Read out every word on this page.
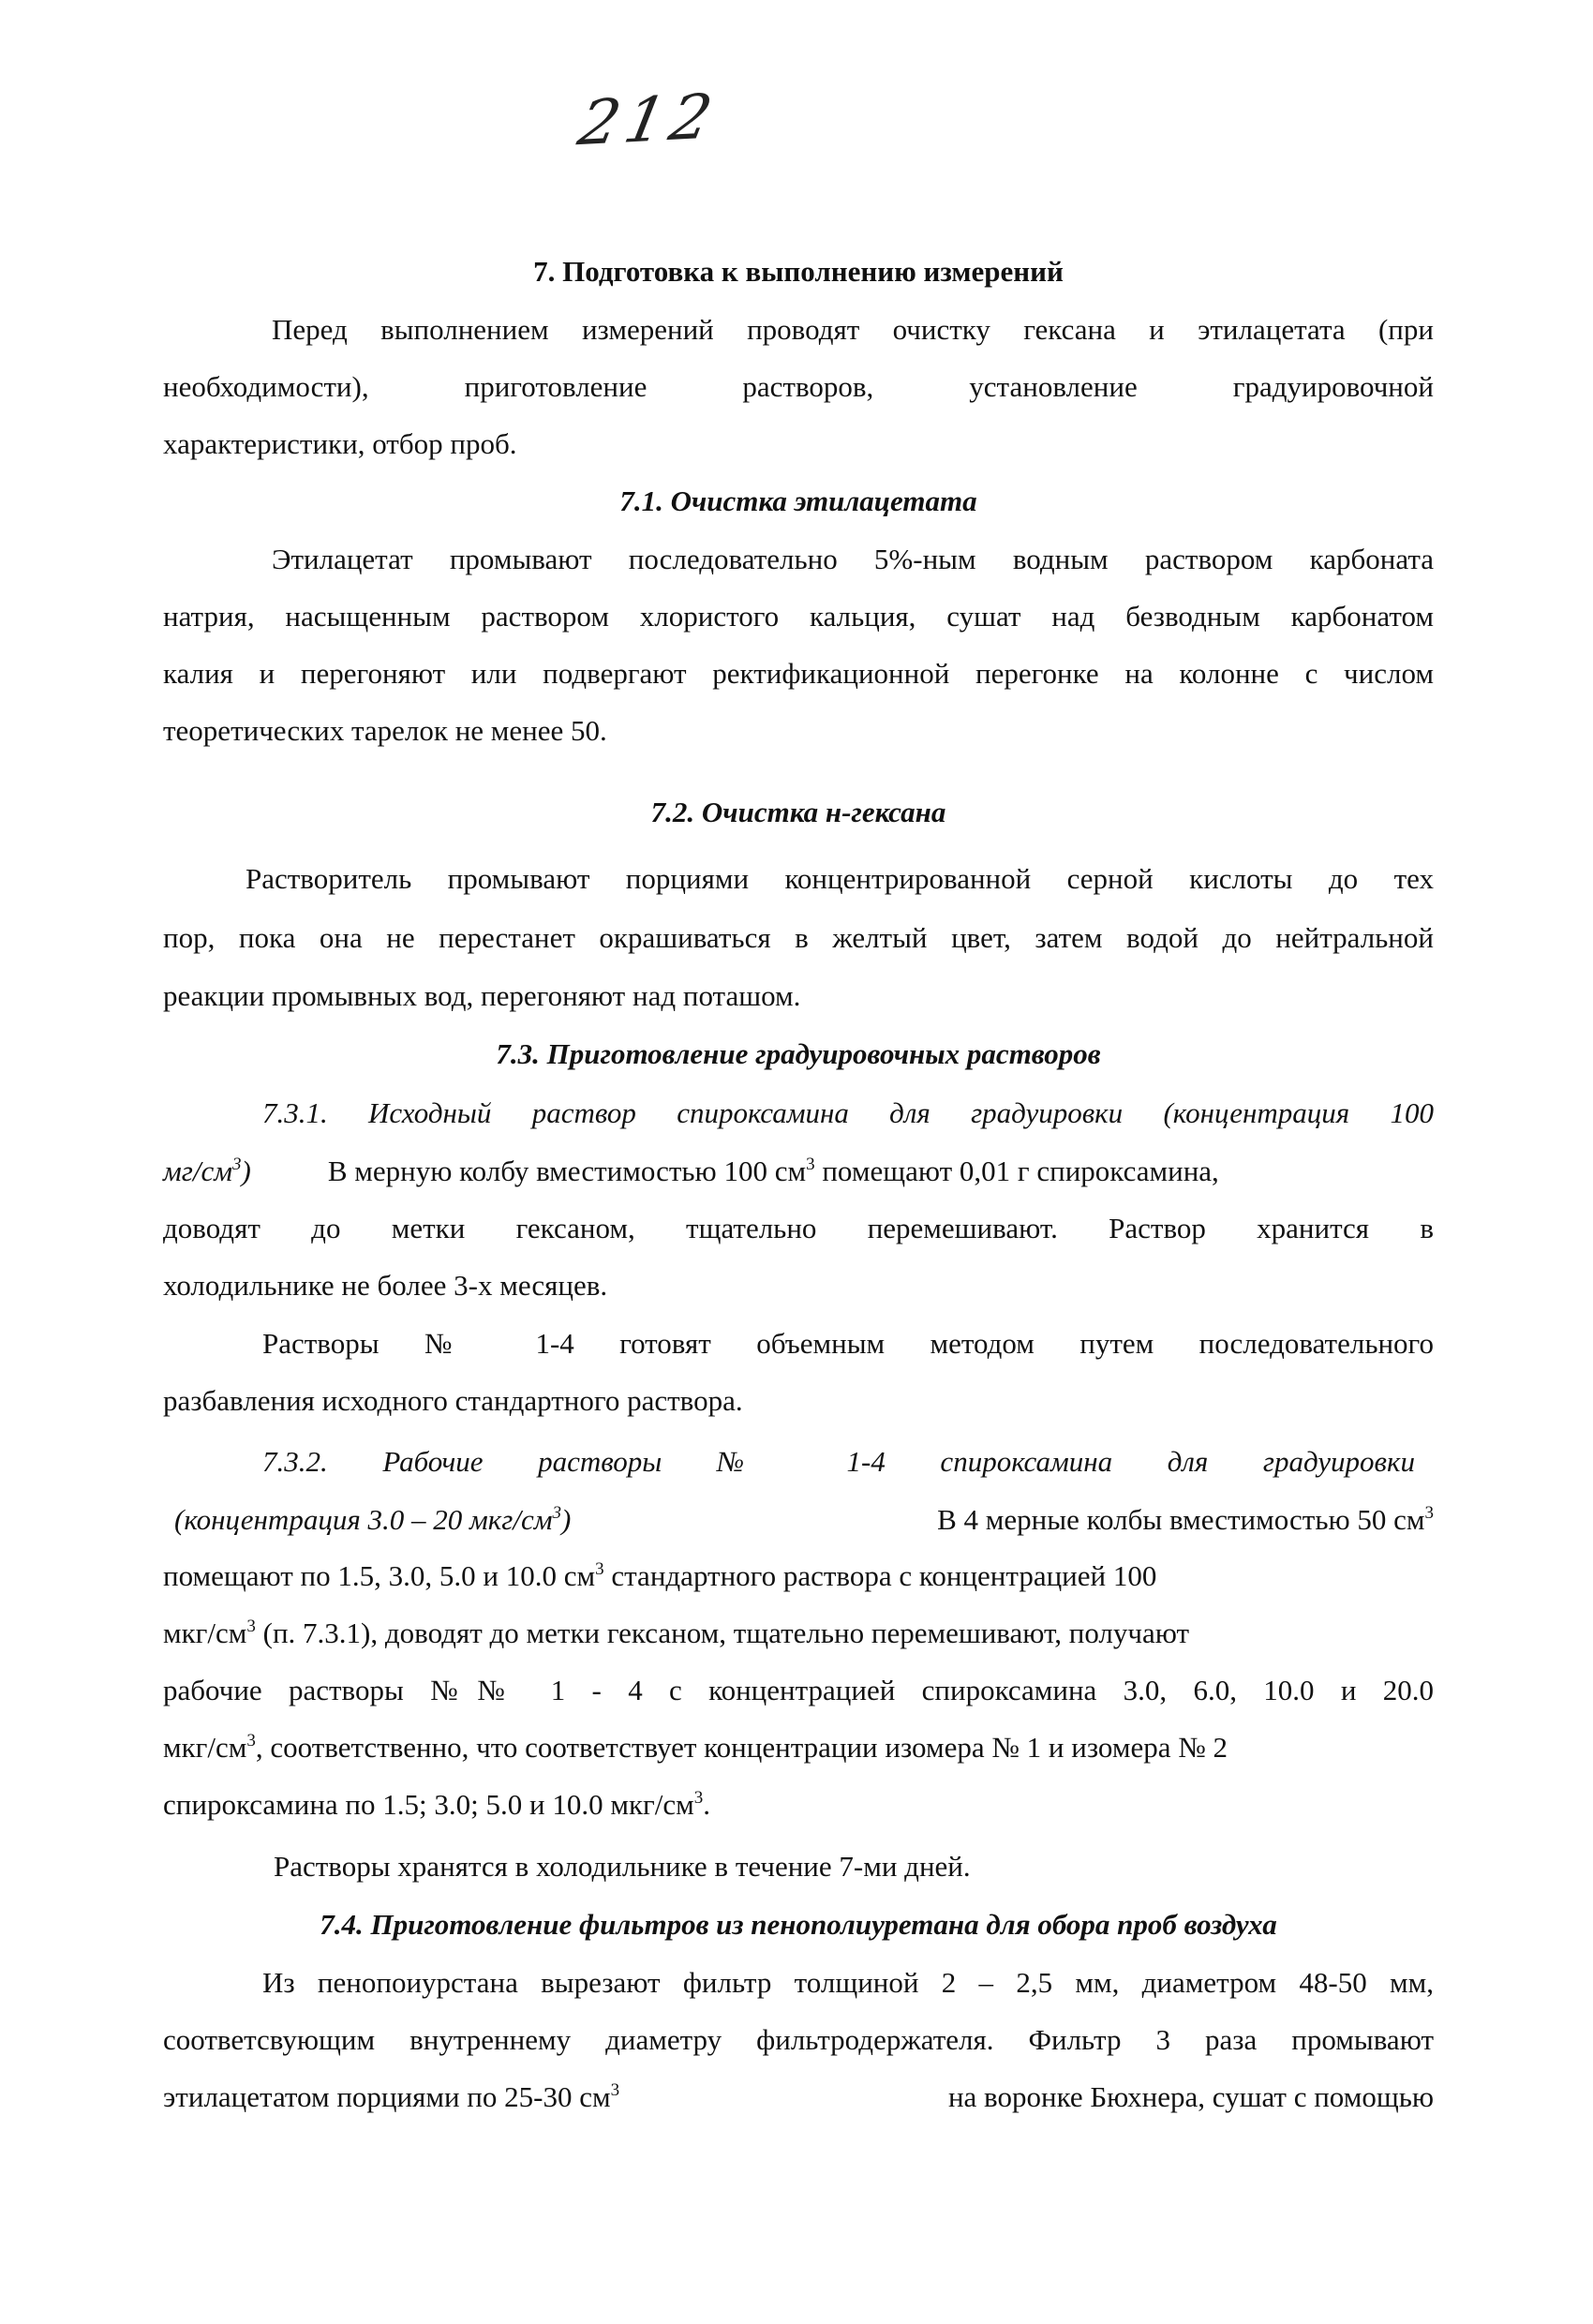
212
7. Подготовка к выполнению измерений
Перед выполнением измерений проводят очистку гексана и этилацетата (при
необходимости), приготовление растворов, установление градуировочной
характеристики, отбор проб.
7.1. Очистка этилацетата
Этилацетат промывают последовательно 5%-ным водным раствором карбоната
натрия, насыщенным раствором хлористого кальция, сушат над безводным карбонатом
калия и перегоняют или подвергают ректификационной перегонке на колонне с числом
теоретических тарелок не менее 50.
7.2. Очистка н-гексана
Растворитель промывают порциями концентрированной серной кислоты до тех
пор, пока она не перестанет окрашиваться в желтый цвет, затем водой до нейтральной
реакции промывных вод, перегоняют над поташом.
7.3. Приготовление градуировочных растворов
7.3.1. Исходный раствор спироксамина для градуировки (концентрация 100
$мг/см^3$)	В мерную колбу вместимостью 100 $см^3$ помещают 0,01 г спироксамина,
доводят до метки гексаном, тщательно перемешивают. Раствор хранится в
холодильнике не более 3-х месяцев.
Растворы № 1-4 готовят объемным методом путем последовательного
разбавления исходного стандартного раствора.
7.3.2. Рабочие растворы № 1-4 спироксамина для градуировки
(концентрация 3.0 – 20 мкг/$см^3$)	В 4 мерные колбы вместимостью 50 $см^3$
помещают по 1.5, 3.0, 5.0 и 10.0 $см^3$ стандартного раствора с концентрацией 100
мкг/$см^3$ (п. 7.3.1), доводят до метки гексаном, тщательно перемешивают, получают
рабочие растворы №№ 1 - 4 с концентрацией спироксамина 3.0, 6.0, 10.0 и 20.0
мкг/$см^3$, соответственно, что соответствует концентрации изомера № 1 и изомера № 2
спироксамина по 1.5; 3.0; 5.0 и 10.0 мкг/$см^3$.
Растворы хранятся в холодильнике в течение 7-ми дней.
7.4. Приготовление фильтров из пенополиуретана для обора проб воздуха
Из пенопоиурстана вырезают фильтр толщиной 2 – 2,5 мм, диаметром 48-50 мм,
соответсвующим внутреннему диаметру фильтродержателя. Фильтр 3 раза промывают
этилацетатом порциями по 25-30 $см^3$	на воронке Бюхнера, сушат с помощью
